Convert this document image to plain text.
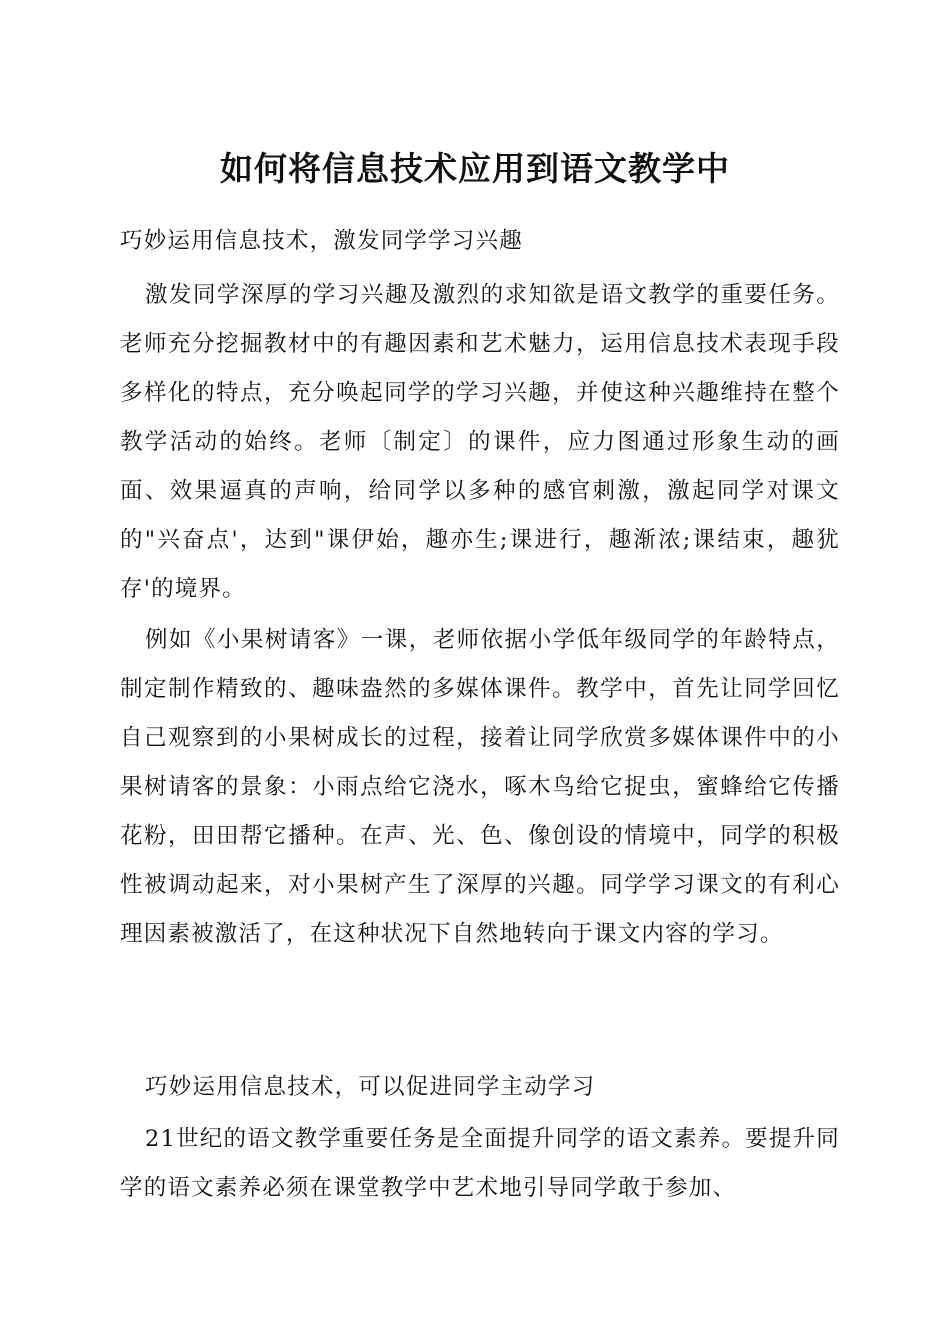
如何将信息技术应用到语文教学中

巧妙运用信息技术，激发同学学习兴趣

激发同学深厚的学习兴趣及激烈的求知欲是语文教学的重要任务。老师充分挖掘教材中的有趣因素和艺术魅力，运用信息技术表现手段多样化的特点，充分唤起同学的学习兴趣，并使这种兴趣维持在整个教学活动的始终。老师〔制定〕的课件，应力图通过形象生动的画面、效果逼真的声响，给同学以多种的感官刺激，激起同学对课文的"兴奋点'，达到"课伊始，趣亦生;课进行，趣渐浓;课结束，趣犹存'的境界。

例如《小果树请客》一课，老师依据小学低年级同学的年龄特点，制定制作精致的、趣味盎然的多媒体课件。教学中，首先让同学回忆自己观察到的小果树成长的过程，接着让同学欣赏多媒体课件中的小果树请客的景象：小雨点给它浇水，啄木鸟给它捉虫，蜜蜂给它传播花粉，田田帮它播种。在声、光、色、像创设的情境中，同学的积极性被调动起来，对小果树产生了深厚的兴趣。同学学习课文的有利心理因素被激活了，在这种状况下自然地转向于课文内容的学习。

巧妙运用信息技术，可以促进同学主动学习

21世纪的语文教学重要任务是全面提升同学的语文素养。要提升同学的语文素养必须在课堂教学中艺术地引导同学敢于参加、
